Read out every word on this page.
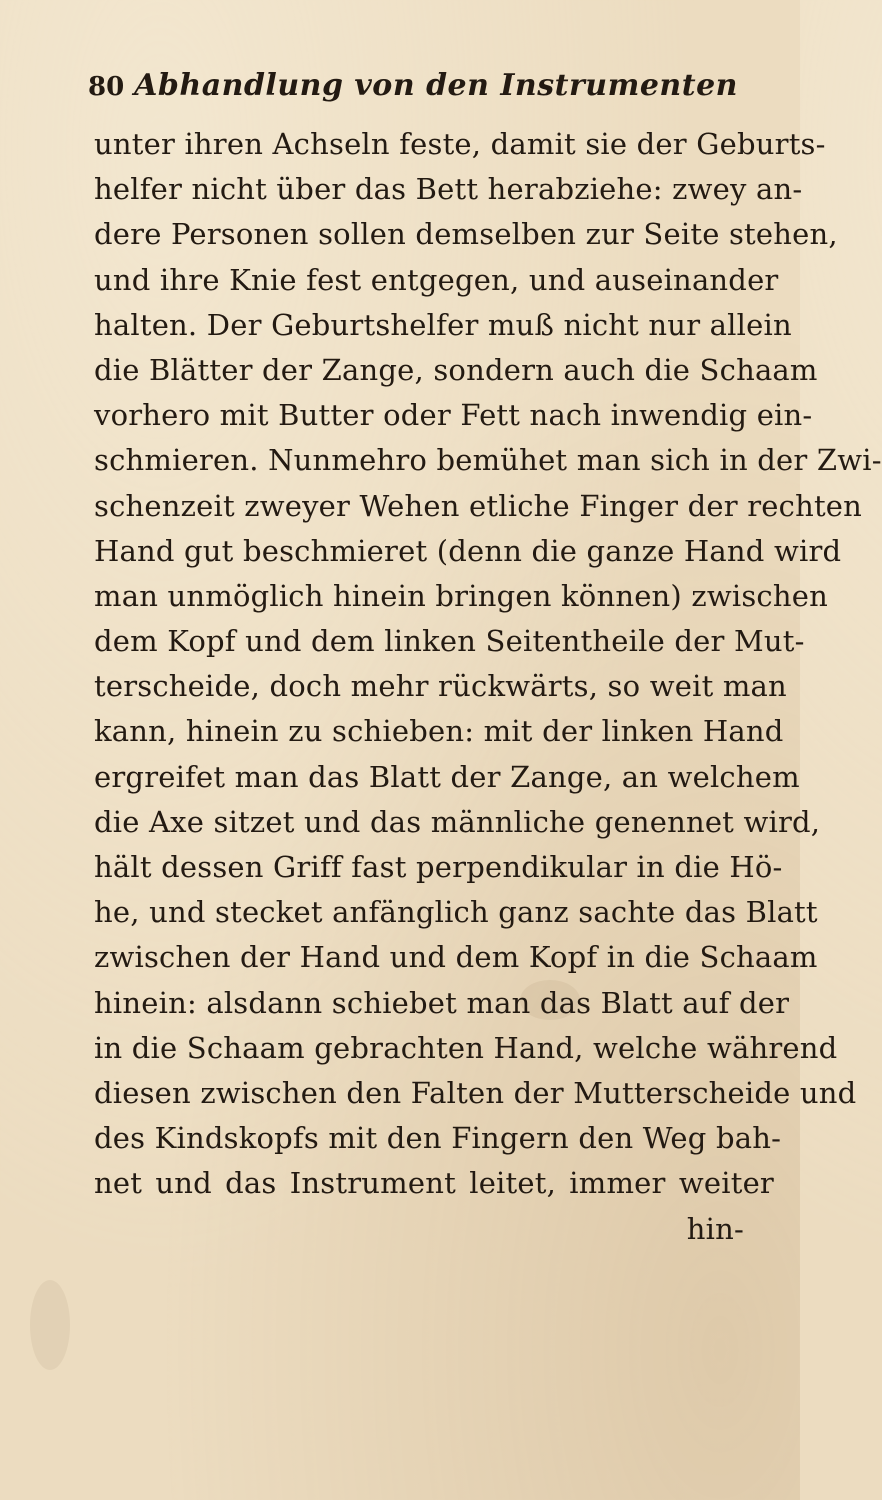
80 Abhandlung von den Instrumenten
unter ihren Achseln feste, damit sie der Geburts-
helfer nicht über das Bett herabziehe: zwey an-
dere Personen sollen demselben zur Seite stehen,
und ihre Knie fest entgegen, und auseinander
halten. Der Geburtshelfer muß nicht nur allein
die Blätter der Zange, sondern auch die Schaam
vorhero mit Butter oder Fett nach inwendig ein-
schmieren. Nunmehro bemühet man sich in der Zwi-
schenzeit zweyer Wehen etliche Finger der rechten
Hand gut beschmieret (denn die ganze Hand wird
man unmöglich hinein bringen können) zwischen
dem Kopf und dem linken Seitentheile der Mut-
terscheide, doch mehr rückwärts, so weit man
kann, hinein zu schieben: mit der linken Hand
ergreifet man das Blatt der Zange, an welchem
die Axe sitzet und das männliche genennet wird,
hält dessen Griff fast perpendikular in die Hö-
he, und stecket anfänglich ganz sachte das Blatt
zwischen der Hand und dem Kopf in die Schaam
hinein: alsdann schiebet man das Blatt auf der
in die Schaam gebrachten Hand, welche während
diesen zwischen den Falten der Mutterscheide und
des Kindskopfs mit den Fingern den Weg bah-
net und das Instrument leitet, immer weiter
hin-
